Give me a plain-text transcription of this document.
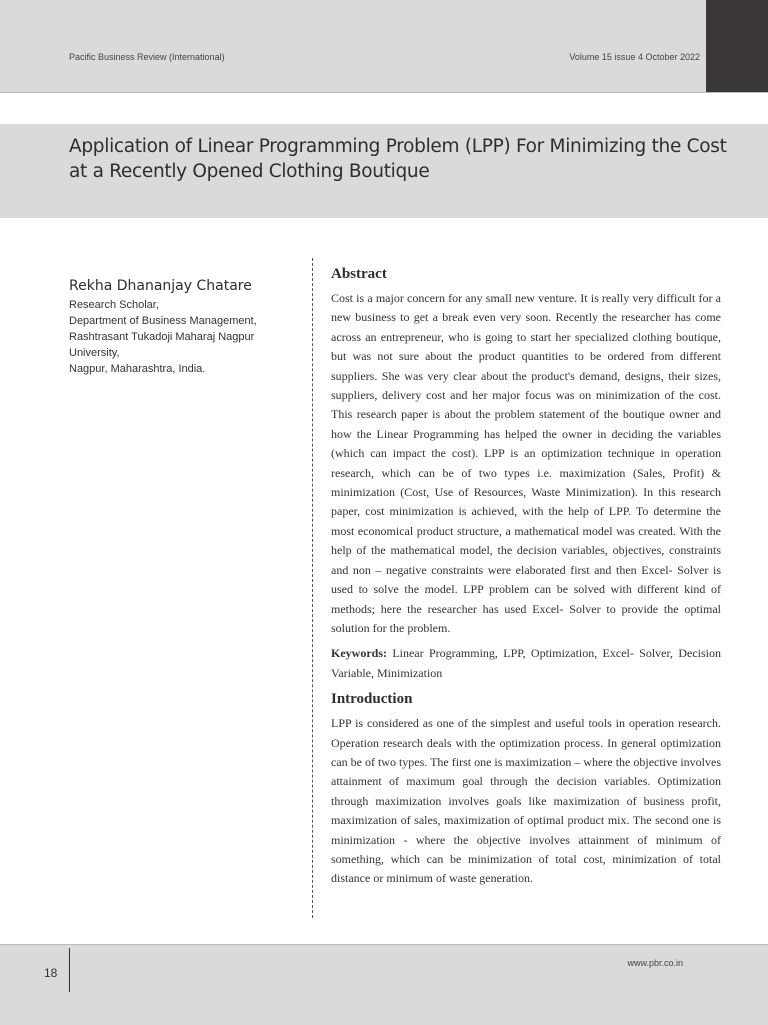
Pacific Business Review (International)	Volume 15 issue 4 October 2022
Application of Linear Programming Problem (LPP) For Minimizing the Cost at a Recently Opened Clothing Boutique
Rekha Dhananjay Chatare
Research Scholar,
Department of Business Management,
Rashtrasant Tukadoji Maharaj Nagpur
University,
Nagpur, Maharashtra, India.
Abstract

Cost is a major concern for any small new venture. It is really very difficult for a new business to get a break even very soon. Recently the researcher has come across an entrepreneur, who is going to start her specialized clothing boutique, but was not sure about the product quantities to be ordered from different suppliers. She was very clear about the product's demand, designs, their sizes, suppliers, delivery cost and her major focus was on minimization of the cost. This research paper is about the problem statement of the boutique owner and how the Linear Programming has helped the owner in deciding the variables (which can impact the cost). LPP is an optimization technique in operation research, which can be of two types i.e. maximization (Sales, Profit) & minimization (Cost, Use of Resources, Waste Minimization). In this research paper, cost minimization is achieved, with the help of LPP. To determine the most economical product structure, a mathematical model was created. With the help of the mathematical model, the decision variables, objectives, constraints and non – negative constraints were elaborated first and then Excel- Solver is used to solve the model. LPP problem can be solved with different kind of methods; here the researcher has used Excel- Solver to provide the optimal solution for the problem.

Keywords: Linear Programming, LPP, Optimization, Excel- Solver, Decision Variable, Minimization

Introduction

LPP is considered as one of the simplest and useful tools in operation research. Operation research deals with the optimization process. In general optimization can be of two types. The first one is maximization – where the objective involves attainment of maximum goal through the decision variables. Optimization through maximization involves goals like maximization of business profit, maximization of sales, maximization of optimal product mix. The second one is minimization - where the objective involves attainment of minimum of something, which can be minimization of total cost, minimization of total distance or minimum of waste generation.

18
www.pbr.co.in
